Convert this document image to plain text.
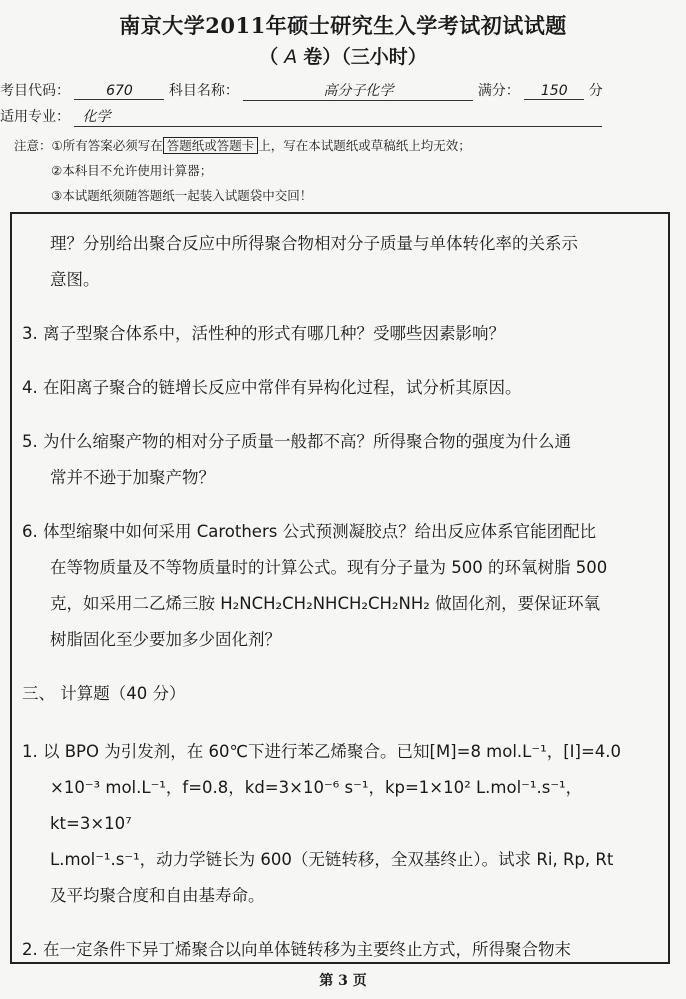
南京大学2011年硕士研究生入学考试初试试题
（ A 卷）（三小时）
考目代码：	670	科目名称：	高分子化学	满分： 150 分
适用专业： 化学
注意：①所有答案必须写在 答题纸或答题卡 上，写在本试题纸或草稿纸上均无效；
②本科目不允许使用计算器；
③本试题纸须随答题纸一起装入试题袋中交回！

理？分别给出聚合反应中所得聚合物相对分子质量与单体转化率的关系示

意图。

3. 离子型聚合体系中，活性种的形式有哪几种？受哪些因素影响？

4. 在阳离子聚合的链增长反应中常伴有异构化过程，试分析其原因。

5. 为什么缩聚产物的相对分子质量一般都不高？所得聚合物的强度为什么通

常并不逊于加聚产物？

6. 体型缩聚中如何采用 Carothers 公式预测凝胶点？给出反应体系官能团配比

在等物质量及不等物质量时的计算公式。现有分子量为 500 的环氧树脂 500

克，如采用二乙烯三胺 H₂NCH₂CH₂NHCH₂CH₂NH₂ 做固化剂，要保证环氧

树脂固化至少要加多少固化剂？

三、 计算题（40 分）

1. 以 BPO 为引发剂，在 60℃下进行苯乙烯聚合。已知[M]=8 mol.L⁻¹，[I]=4.0

×10⁻³ mol.L⁻¹，f=0.8，kd=3×10⁻⁶ s⁻¹，kp=1×10² L.mol⁻¹.s⁻¹，kt=3×10⁷

L.mol⁻¹.s⁻¹，动力学链长为 600（无链转移，全双基终止）。试求 Ri, Rp, Rt

及平均聚合度和自由基寿命。

2. 在一定条件下异丁烯聚合以向单体链转移为主要终止方式，所得聚合物末

第 3 页
